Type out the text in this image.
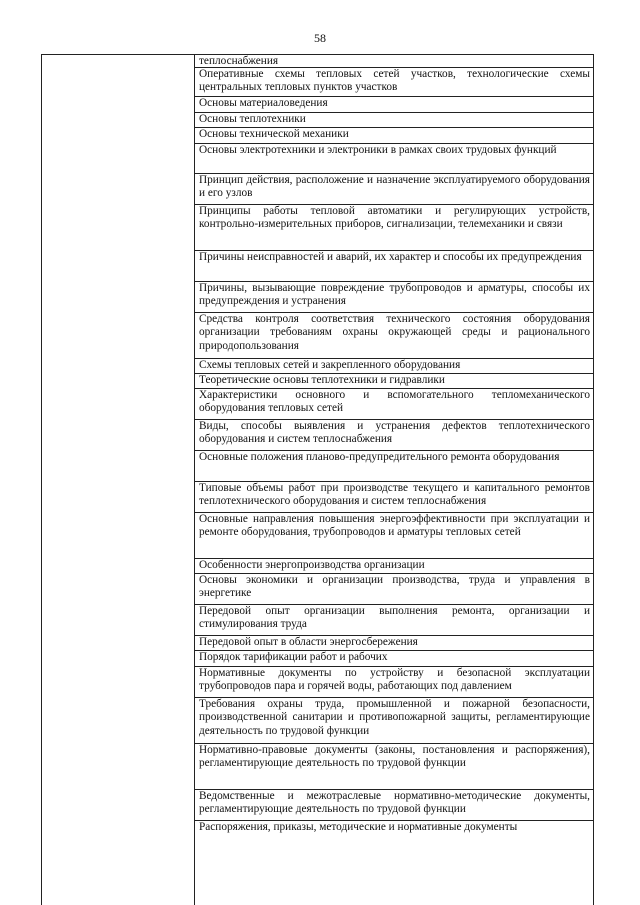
58
теплоснабжения
Оперативные схемы тепловых сетей участков, технологические схемы центральных тепловых пунктов участков
Основы материаловедения
Основы теплотехники
Основы технической механики
Основы электротехники и электроники в рамках своих трудовых функций
Принцип действия, расположение и назначение эксплуатируемого оборудования и его узлов
Принципы работы тепловой автоматики и регулирующих устройств, контрольно-измерительных приборов, сигнализации, телемеханики и связи
Причины неисправностей и аварий, их характер и способы их предупреждения
Причины, вызывающие повреждение трубопроводов и арматуры, способы их предупреждения и устранения
Средства контроля соответствия технического состояния оборудования организации требованиям охраны окружающей среды и рационального природопользования
Схемы тепловых сетей и закрепленного оборудования
Теоретические основы теплотехники и гидравлики
Характеристики основного и вспомогательного тепломеханического оборудования тепловых сетей
Виды, способы выявления и устранения дефектов теплотехнического оборудования и систем теплоснабжения
Основные положения планово-предупредительного ремонта оборудования
Типовые объемы работ при производстве текущего и капитального ремонтов теплотехнического оборудования и систем теплоснабжения
Основные направления повышения энергоэффективности при эксплуатации и ремонте оборудования, трубопроводов и арматуры тепловых сетей
Особенности энергопроизводства организации
Основы экономики и организации производства, труда и управления в энергетике
Передовой опыт организации выполнения ремонта, организации и стимулирования труда
Передовой опыт в области энергосбережения
Порядок тарификации работ и рабочих
Нормативные документы по устройству и безопасной эксплуатации трубопроводов пара и горячей воды, работающих под давлением
Требования охраны труда, промышленной и пожарной безопасности, производственной санитарии и противопожарной защиты, регламентирующие деятельность по трудовой функции
Нормативно-правовые документы (законы, постановления и распоряжения), регламентирующие деятельность по трудовой функции
Ведомственные и межотраслевые нормативно-методические документы, регламентирующие деятельность по трудовой функции
Распоряжения, приказы, методические и нормативные документы
